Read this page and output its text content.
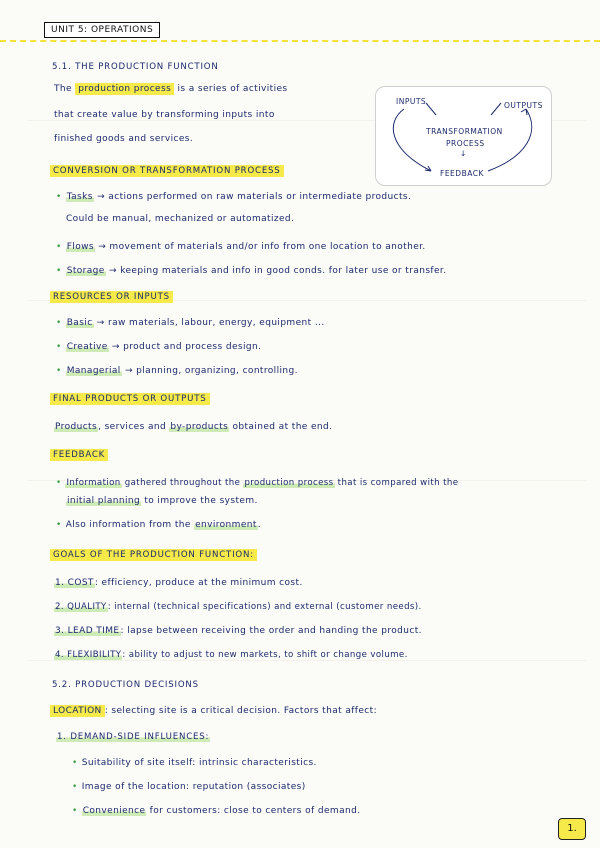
UNIT 5: OPERATIONS
5.1. THE PRODUCTION FUNCTION
The production process is a series of activities
that create value by transforming inputs into
finished goods and services.
INPUTS	OUTPUTS
TRANSFORMATION
PROCESS
↓
FEEDBACK
CONVERSION OR TRANSFORMATION PROCESS
• Tasks → actions performed on raw materials or intermediate products.
Could be manual, mechanized or automatized.
• Flows → movement of materials and/or info from one location to another.
• Storage → keeping materials and info in good conds. for later use or transfer.
RESOURCES OR INPUTS
• Basic → raw materials, labour, energy, equipment ...
• Creative → product and process design.
• Managerial → planning, organizing, controlling.
FINAL PRODUCTS OR OUTPUTS
Products, services and by-products obtained at the end.
FEEDBACK
• Information gathered throughout the production process that is compared with the
initial planning to improve the system.
• Also information from the environment.
GOALS OF THE PRODUCTION FUNCTION:
1. COST: efficiency, produce at the minimum cost.
2. QUALITY: internal (technical specifications) and external (customer needs).
3. LEAD TIME: lapse between receiving the order and handing the product.
4. FLEXIBILITY: ability to adjust to new markets, to shift or change volume.
5.2. PRODUCTION DECISIONS
LOCATION : selecting site is a critical decision. Factors that affect:
1. DEMAND-SIDE INFLUENCES:
• Suitability of site itself: intrinsic characteristics.
• Image of the location: reputation (associates)
• Convenience for customers: close to centers of demand.
1.
